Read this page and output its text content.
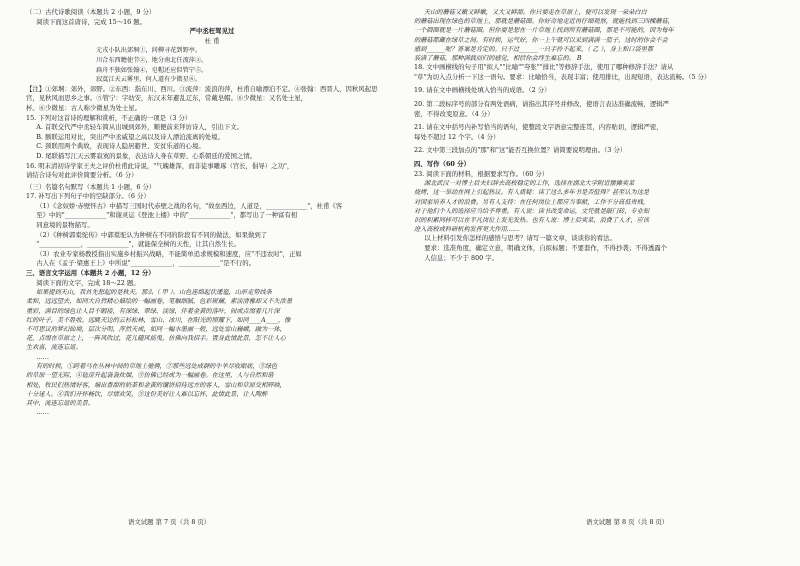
（二）古代诗歌阅读（本题共 2 小题，9 分）
阅读下面这首唐诗，完成 15～16 题。
严中丞枉驾见过
杜 甫
元戎小队出郊垌①，问柳寻花到野亭。
川合东西瞻使节②，地分南北任流萍③。
扁舟不独如张翰④，皂帽还应似管宁⑤。
寂寞江天云雾里，何人道有少微星⑥。
【注】①郊垌：郊外，郊野。②东西：指东川、西川。③流萍：流浪的萍，杜甫自喻漂泊不定。④张翰：西晋人，因秋风起思
官，见秋风而思乡之事。⑤管宁：字幼安，东汉末年避乱辽东，常戴皂帽。⑥少微星：又名处士星，
杯。⑥少微星：古人称少微星为处士星。
15. 下列对这首诗的理解和赏析，不正确的一项是（3 分）
A. 首联交代严中丞轻车简从出城到郊外，顺便前来拜访诗人，引出下文。
B. 额联运用对比，突出严中丞威望之高以及诗人漂泊流离的处境。
C. 颈联用两个典故，表现诗人隐居避世、安贫乐道的心境。
D. 尾联描写江天云雾寂寞的景象，表达诗人身在草野、心系朝廷的爱国之情。
16. 明末清初诗学家王夫之评价杜甫此诗说，"气魄雄浑，而非徒事雕琢（官长，倡导）之功"，
请结合诗句对此评价简要分析。（6 分）
（三）名篇名句默写（本题共 1 小题，6 分）
17. 补写出下列句子中的空缺部分。（6 分）
（1）《念奴娇·赤壁怀古》中描写三国时代赤壁之战的名句，"故垒西边，人道是，_____________"，杜甫《客
至》中的"_____________"和谢灵运《登池上楼》中的"_____________"，都写出了一种富有相
同意境的景物描写。
（2）《种树郭橐驼传》中郭橐驼认为种树在不同的阶段有不同的做法，如果做到了
"_____________，_____________"，就能保全树的天性，让其自然生长。
（3）农业专家杨教授指出实施乡村振兴战略，不能简单追求规模和速度，应"不违农时"，正如
古人在《孟子·梁惠王上》中所说"_____________，_____________"是不行的。
三、语言文字运用（本题共 2 小题，12 分）
阅读下面的文字，完成 18～22 题。
如果提到天山，我首先想起的是秋天。那么（ 甲 ）。山色连绵起伏逶迤，山形走势线条
柔和，远远望去，如同大自然精心描绘的一幅画卷，笔触细腻，色彩斑斓，素淡清雅却又不失浓墨
重彩，满目的绿色让人目不暇接，有深绿、翠绿、淡绿，伴着金黄的落叶，间或点缀着几片深
红的叶子，美不胜收。远眺天边的云杉松林，雪山、冰川，在阳光的照耀下，如同____A____，像
不可思议的梦幻仙境，层次分明，浑然天成，如同一幅水墨画一般，远处雪山巍峨，融为一体，
花，点缀在草原之上，一阵风吹过，花儿随风摇曳，仿佛向我招手。置身此情此景，怎不让人心
生欢喜，流连忘返。
……
有的时候，①跨着马在丛林中间的草地上驰骋，②那些远处成群的牛羊尽收眼底，③绿色
的草原一望无际，④毡房升起袅袅炊烟，⑤仿佛已经成为一幅画卷。在这里，人与自然和谐
相处，牧民们热情好客，端出香甜的奶茶和金黄的馕饼招待远方的客人，雪山和草原交相辉映，
十分迷人。④我们开怀畅饮，尽情欢笑，⑤这份美好让人难以忘怀，此情此景，让人陶醉
其中，流连忘返的美景。
……
天山的蘑菇又嫩又鲜嫩，又大又鲜甜。你只要走在草原上，便可以发现一朵朵白白
的蘑菇出现在绿色的草地上，那就是蘑菇圈。你好奇地走近再仔细观察，就能找到三四棵蘑菇，
一个圆圈就是一片蘑菇圈。但你要是想在一片草地上找到所有蘑菇圈，那是不可能的，因为每年
的蘑菇都藏在绿草之间。有时候，运气好，你一上午就可以采到满满一篮子，这时的你会不会
感到______呢？答案是肯定的。只不过______一只手拎不起来，（ 乙 ），身上和口袋里都
装满了蘑菇，那种满载而归的感觉，相信你会终生难忘的。 B
18. 文中画横线的句子用"拟人""比喻""夸张""排比"等修辞手法，使用了哪种修辞手法？请从
"草"为切入点分析一下这一语句。要求：比喻恰当，表现丰富；使用排比，出现短语，表达流畅。（5 分）
19. 请在文中画横线处填入恰当的成语。（2 分）
20. 第二段标序号的部分有两处语病，请指出其序号并修改，使语言表达准确流畅，逻辑严
密，不得改变原意。（4 分）
21. 请在文中括号内补写恰当的语句，使整段文字语意完整连贯，内容贴切，逻辑严密，
每处不超过 12 个字。（4 分）
22. 文中第三段加点的"那"和"这"能否互换位置？请简要说明理由。（3 分）
四、写作（60 分）
23. 阅读下面的材料，根据要求写作。（60 分）
湖北武汉一对博士后夫妇辞去高校稳定的工作，选择在湖北大学附近摆摊卖菜
烧烤，这一举动在网上引起热议。有人质疑：读了这么多年书是否值得？甚至认为这是
对国家培养人才的浪费。另有人支持：在任何岗位上都应当奉献，工作不分高低贵贱，
对于他们个人的选择应当给予尊重。有人说：读书改变命运，文凭就是敲门砖，专业知
识的积累同样可以在平凡岗位上发光发热。也有人说：博士后卖菜，浪费了人才，应该
进入高校或科研机构发挥更大作用……
以上材料引发你怎样的感悟与思考？请写一篇文章，谈谈你的看法。
要求：选准角度，确定立意，明确文体，自拟标题；不要套作，不得抄袭；不得透露个
人信息；不少于 800 字。
语文试题 第 7 页（共 8 页）	语文试题 第 8 页（共 8 页）
